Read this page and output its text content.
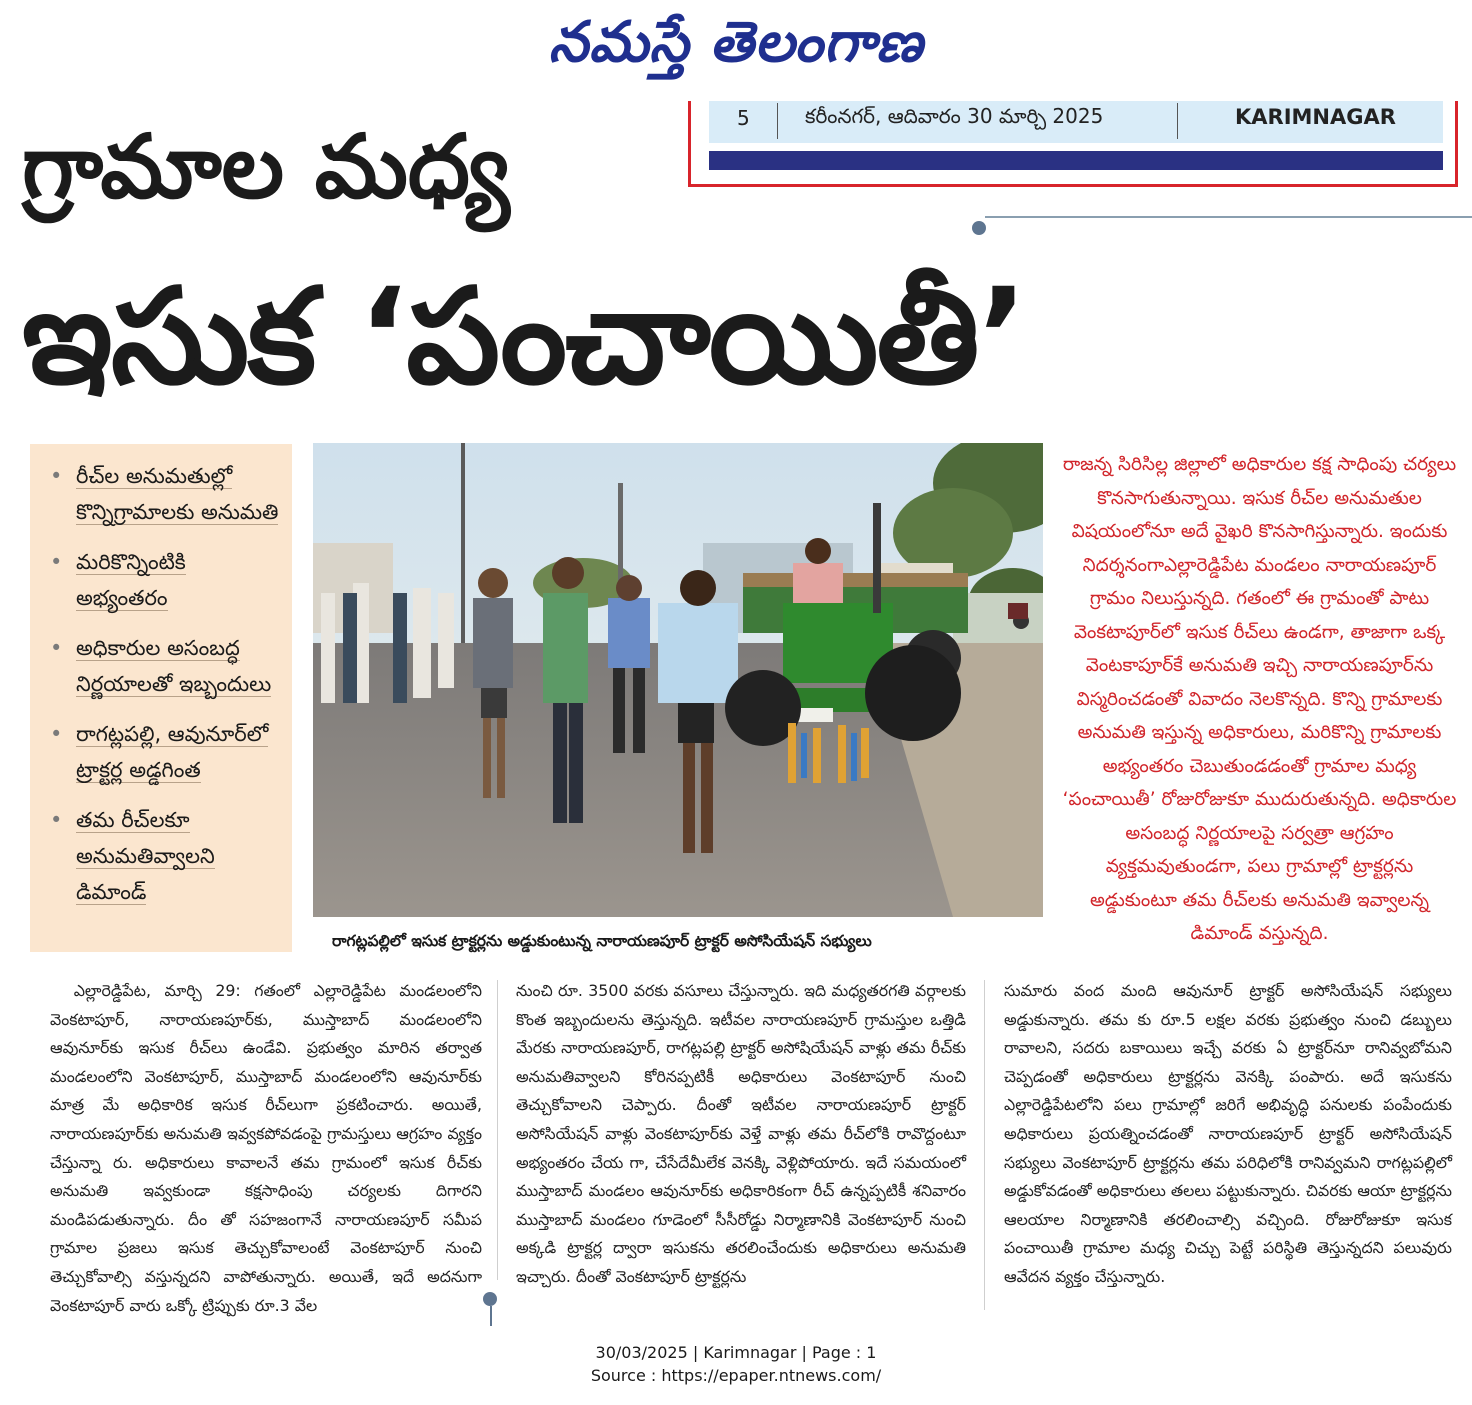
నమస్తే తెలంగాణ
5	కరీంనగర్, ఆదివారం 30 మార్చి 2025	KARIMNAGAR
గ్రామాల మధ్య
ఇసుక ‘పంచాయితీ’
• రీచ్‌ల అనుమతుల్లో కొన్నిగ్రామాలకు అనుమతి
• మరికొన్నింటికి అభ్యంతరం
• అధికారుల అసంబద్ధ నిర్ణయాలతో ఇబ్బందులు
• రాగట్లపల్లి, ఆవునూర్‌లో ట్రాక్టర్ల అడ్డగింత
• తమ రీచ్‌లకూ అనుమతివ్వాలని డిమాండ్
రాగట్లపల్లిలో ఇసుక ట్రాక్టర్లను అడ్డుకుంటున్న నారాయణపూర్ ట్రాక్టర్ అసోసియేషన్ సభ్యులు
రాజన్న సిరిసిల్ల జిల్లాలో అధికారుల కక్ష సాధింపు చర్యలు కొనసాగుతున్నాయి. ఇసుక రీచ్‌ల అనుమతుల విషయంలోనూ అదే వైఖరి కొనసాగిస్తున్నారు. ఇందుకు నిదర్శనంగాఎల్లారెడ్డిపేట మండలం నారాయణపూర్ గ్రామం నిలుస్తున్నది. గతంలో ఈ గ్రామంతో పాటు వెంకటాపూర్‌లో ఇసుక రీచ్‌లు ఉండగా, తాజాగా ఒక్క వెంటకాపూర్‌కే అనుమతి ఇచ్చి నారాయణపూర్‌ను విస్మరించడంతో వివాదం నెలకొన్నది. కొన్ని గ్రామాలకు అనుమతి ఇస్తున్న అధికారులు, మరికొన్ని గ్రామాలకు అభ్యంతరం చెబుతుండడంతో గ్రామాల మధ్య ‘పంచాయితీ’ రోజురోజుకూ ముదురుతున్నది. అధికారుల అసంబద్ధ నిర్ణయాలపై సర్వత్రా ఆగ్రహం వ్యక్తమవుతుండగా, పలు గ్రామాల్లో ట్రాక్టర్లను అడ్డుకుంటూ తమ రీచ్‌లకు అనుమతి ఇవ్వాలన్న డిమాండ్ వస్తున్నది.
ఎల్లారెడ్డిపేట, మార్చి 29: గతంలో ఎల్లారెడ్డిపేట మండలంలోని వెంకటాపూర్, నారాయణపూర్‌కు, ముస్తాబాద్ మండలంలోని ఆవునూర్‌కు ఇసుక రీచ్‌లు ఉండేవి. ప్రభుత్వం మారిన తర్వాత మండలంలోని వెంకటాపూర్, ముస్తాబాద్ మండలంలోని ఆవునూర్‌కు మాత్ర మే అధికారిక ఇసుక రీచ్‌లుగా ప్రకటించారు. అయితే, నారాయణపూర్‌కు అనుమతి ఇవ్వకపోవడంపై గ్రామస్తులు ఆగ్రహం వ్యక్తం చేస్తున్నా రు. అధికారులు కావాలనే తమ గ్రామంలో ఇసుక రీచ్‌కు అనుమతి ఇవ్వకుండా కక్షసాధింపు చర్యలకు దిగారని మండిపడుతున్నారు. దీం తో సహజంగానే నారాయణపూర్ సమీప గ్రామాల ప్రజలు ఇసుక తెచ్చుకోవాలంటే వెంకటాపూర్ నుంచి తెచ్చుకోవాల్సి వస్తున్నదని వాపోతున్నారు. అయితే, ఇదే అదనుగా వెంకటాపూర్ వారు ఒక్కో ట్రిప్పుకు రూ.3 వేల
నుంచి రూ. 3500 వరకు వసూలు చేస్తున్నారు. ఇది మధ్యతరగతి వర్గాలకు కొంత ఇబ్బందులను తెస్తున్నది. ఇటీవల నారాయణపూర్ గ్రామస్తుల ఒత్తిడి మేరకు నారాయణపూర్, రాగట్లపల్లి ట్రాక్టర్ అసోషియేషన్ వాళ్లు తమ రీచ్‌కు అనుమతివ్వాలని కోరినప్పటికీ అధికారులు వెంకటాపూర్ నుంచి తెచ్చుకోవాలని చెప్పారు. దీంతో ఇటీవల నారాయణపూర్ ట్రాక్టర్ అసోసియేషన్ వాళ్లు వెంకటాపూర్‌కు వెళ్తే వాళ్లు తమ రీచ్‌లోకి రావొద్దంటూ అభ్యంతరం చేయ గా, చేసేదేమీలేక వెనక్కి వెళ్లిపోయారు. ఇదే సమయంలో ముస్తాబాద్ మండలం ఆవునూర్‌కు అధికారికంగా రీచ్ ఉన్నప్పటికీ శనివారం ముస్తాబాద్ మండలం గూడెంలో సీసీరోడ్డు నిర్మాణానికి వెంకటాపూర్ నుంచి అక్కడి ట్రాక్టర్ల ద్వారా ఇసుకను తరలించేందుకు అధికారులు అనుమతి ఇచ్చారు. దీంతో వెంకటాపూర్ ట్రాక్టర్లను
సుమారు వంద మంది ఆవునూర్ ట్రాక్టర్ అసోసియేషన్ సభ్యులు అడ్డుకున్నారు. తమ కు రూ.5 లక్షల వరకు ప్రభుత్వం నుంచి డబ్బులు రావాలని, సదరు బకాయిలు ఇచ్చే వరకు ఏ ట్రాక్టర్‌నూ రానివ్వబోమని చెప్పడంతో అధికారులు ట్రాక్టర్లను వెనక్కి పంపారు. అదే ఇసుకను ఎల్లారెడ్డిపేటలోని పలు గ్రామాల్లో జరిగే అభివృద్ధి పనులకు పంపేందుకు అధికారులు ప్రయత్నించడంతో నారాయణపూర్ ట్రాక్టర్ అసోసియేషన్ సభ్యులు వెంకటాపూర్ ట్రాక్టర్లను తమ పరిధిలోకి రానివ్వమని రాగట్లపల్లిలో అడ్డుకోవడంతో అధికారులు తలలు పట్టుకున్నారు. చివరకు ఆయా ట్రాక్టర్లను ఆలయాల నిర్మాణానికి తరలించాల్సి వచ్చింది. రోజురోజుకూ ఇసుక పంచాయితీ గ్రామాల మధ్య చిచ్చు పెట్టే పరిస్థితి తెస్తున్నదని పలువురు ఆవేదన వ్యక్తం చేస్తున్నారు.
30/03/2025 | Karimnagar | Page : 1
Source : https://epaper.ntnews.com/
